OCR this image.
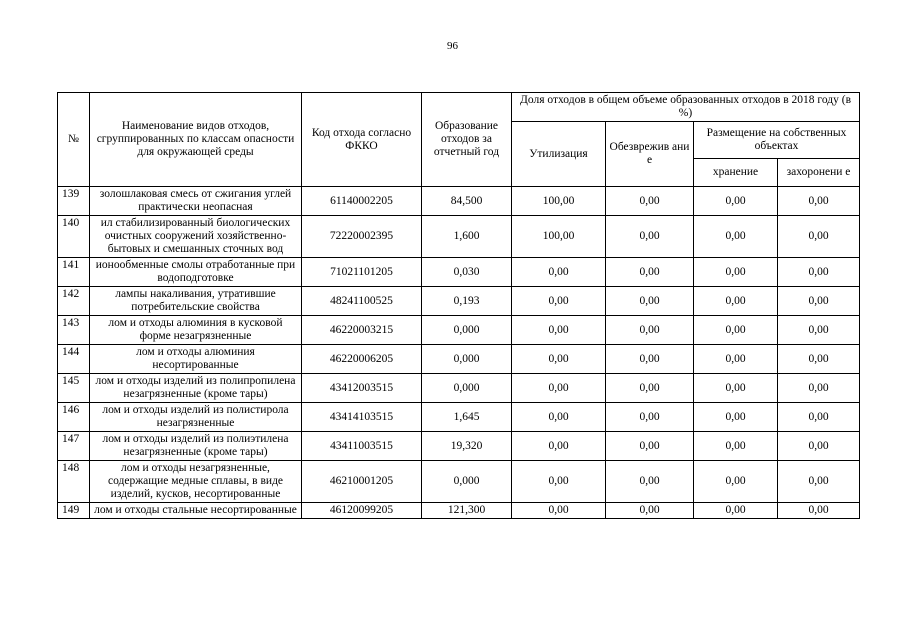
96
№	Наименование видов отходов, сгруппированных по классам опасности для окружающей среды	Код отхода согласно ФККО	Образование отходов за отчетный год	Доля отходов в общем объеме образованных отходов в 2018 году (в %)			
				Утилизация	Обезврежив ание	Размещение на собственных объектах	
						хранение	захоронени е
139	золошлаковая смесь от сжигания углей практически неопасная	61140002205	84,500	100,00	0,00	0,00	0,00
140	ил стабилизированный биологических очистных сооружений хозяйственно-бытовых и смешанных сточных вод	72220002395	1,600	100,00	0,00	0,00	0,00
141	ионообменные смолы отработанные при водоподготовке	71021101205	0,030	0,00	0,00	0,00	0,00
142	лампы накаливания, утратившие потребительские свойства	48241100525	0,193	0,00	0,00	0,00	0,00
143	лом и отходы алюминия в кусковой форме незагрязненные	46220003215	0,000	0,00	0,00	0,00	0,00
144	лом и отходы алюминия несортированные	46220006205	0,000	0,00	0,00	0,00	0,00
145	лом и отходы изделий из полипропилена незагрязненные (кроме тары)	43412003515	0,000	0,00	0,00	0,00	0,00
146	лом и отходы изделий из полистирола незагрязненные	43414103515	1,645	0,00	0,00	0,00	0,00
147	лом и отходы изделий из полиэтилена незагрязненные (кроме тары)	43411003515	19,320	0,00	0,00	0,00	0,00
148	лом и отходы незагрязненные, содержащие медные сплавы, в виде изделий, кусков, несортированные	46210001205	0,000	0,00	0,00	0,00	0,00
149	лом и отходы стальные несортированные	46120099205	121,300	0,00	0,00	0,00	0,00
